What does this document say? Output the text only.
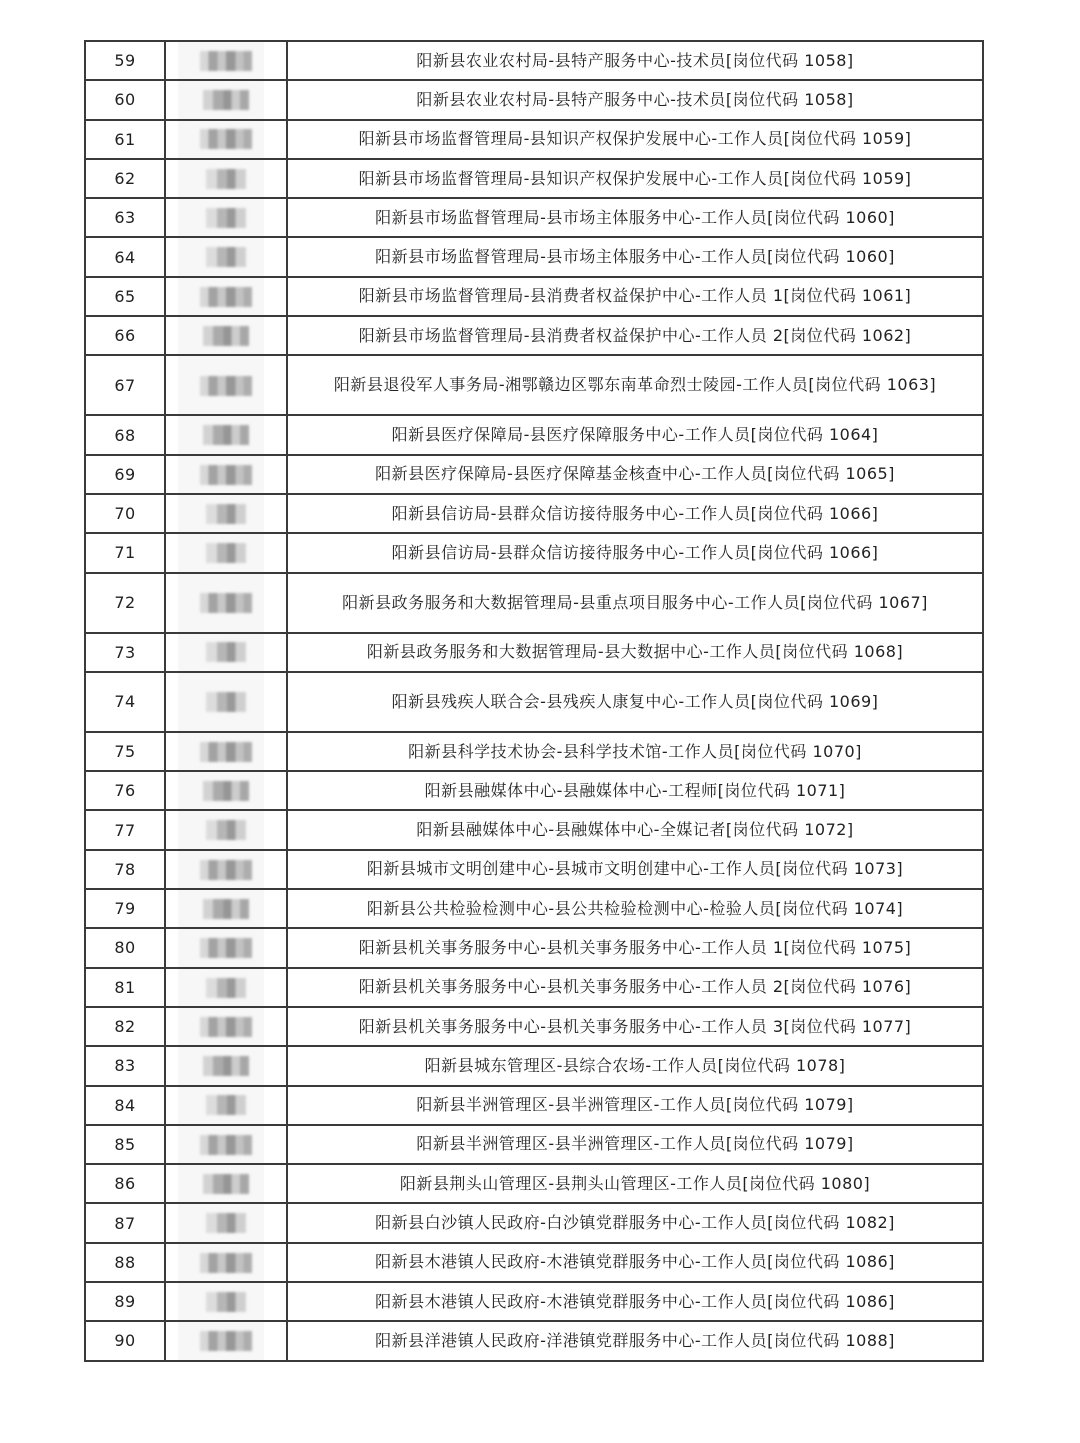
59		阳新县农业农村局-县特产服务中心-技术员[岗位代码 1058]
60		阳新县农业农村局-县特产服务中心-技术员[岗位代码 1058]
61		阳新县市场监督管理局-县知识产权保护发展中心-工作人员[岗位代码 1059]
62		阳新县市场监督管理局-县知识产权保护发展中心-工作人员[岗位代码 1059]
63		阳新县市场监督管理局-县市场主体服务中心-工作人员[岗位代码 1060]
64		阳新县市场监督管理局-县市场主体服务中心-工作人员[岗位代码 1060]
65		阳新县市场监督管理局-县消费者权益保护中心-工作人员 1[岗位代码 1061]
66		阳新县市场监督管理局-县消费者权益保护中心-工作人员 2[岗位代码 1062]
67		阳新县退役军人事务局-湘鄂赣边区鄂东南革命烈士陵园-工作人员[岗位代码 1063]
68		阳新县医疗保障局-县医疗保障服务中心-工作人员[岗位代码 1064]
69		阳新县医疗保障局-县医疗保障基金核查中心-工作人员[岗位代码 1065]
70		阳新县信访局-县群众信访接待服务中心-工作人员[岗位代码 1066]
71		阳新县信访局-县群众信访接待服务中心-工作人员[岗位代码 1066]
72		阳新县政务服务和大数据管理局-县重点项目服务中心-工作人员[岗位代码 1067]
73		阳新县政务服务和大数据管理局-县大数据中心-工作人员[岗位代码 1068]
74		阳新县残疾人联合会-县残疾人康复中心-工作人员[岗位代码 1069]
75		阳新县科学技术协会-县科学技术馆-工作人员[岗位代码 1070]
76		阳新县融媒体中心-县融媒体中心-工程师[岗位代码 1071]
77		阳新县融媒体中心-县融媒体中心-全媒记者[岗位代码 1072]
78		阳新县城市文明创建中心-县城市文明创建中心-工作人员[岗位代码 1073]
79		阳新县公共检验检测中心-县公共检验检测中心-检验人员[岗位代码 1074]
80		阳新县机关事务服务中心-县机关事务服务中心-工作人员 1[岗位代码 1075]
81		阳新县机关事务服务中心-县机关事务服务中心-工作人员 2[岗位代码 1076]
82		阳新县机关事务服务中心-县机关事务服务中心-工作人员 3[岗位代码 1077]
83		阳新县城东管理区-县综合农场-工作人员[岗位代码 1078]
84		阳新县半洲管理区-县半洲管理区-工作人员[岗位代码 1079]
85		阳新县半洲管理区-县半洲管理区-工作人员[岗位代码 1079]
86		阳新县荆头山管理区-县荆头山管理区-工作人员[岗位代码 1080]
87		阳新县白沙镇人民政府-白沙镇党群服务中心-工作人员[岗位代码 1082]
88		阳新县木港镇人民政府-木港镇党群服务中心-工作人员[岗位代码 1086]
89		阳新县木港镇人民政府-木港镇党群服务中心-工作人员[岗位代码 1086]
90		阳新县洋港镇人民政府-洋港镇党群服务中心-工作人员[岗位代码 1088]
